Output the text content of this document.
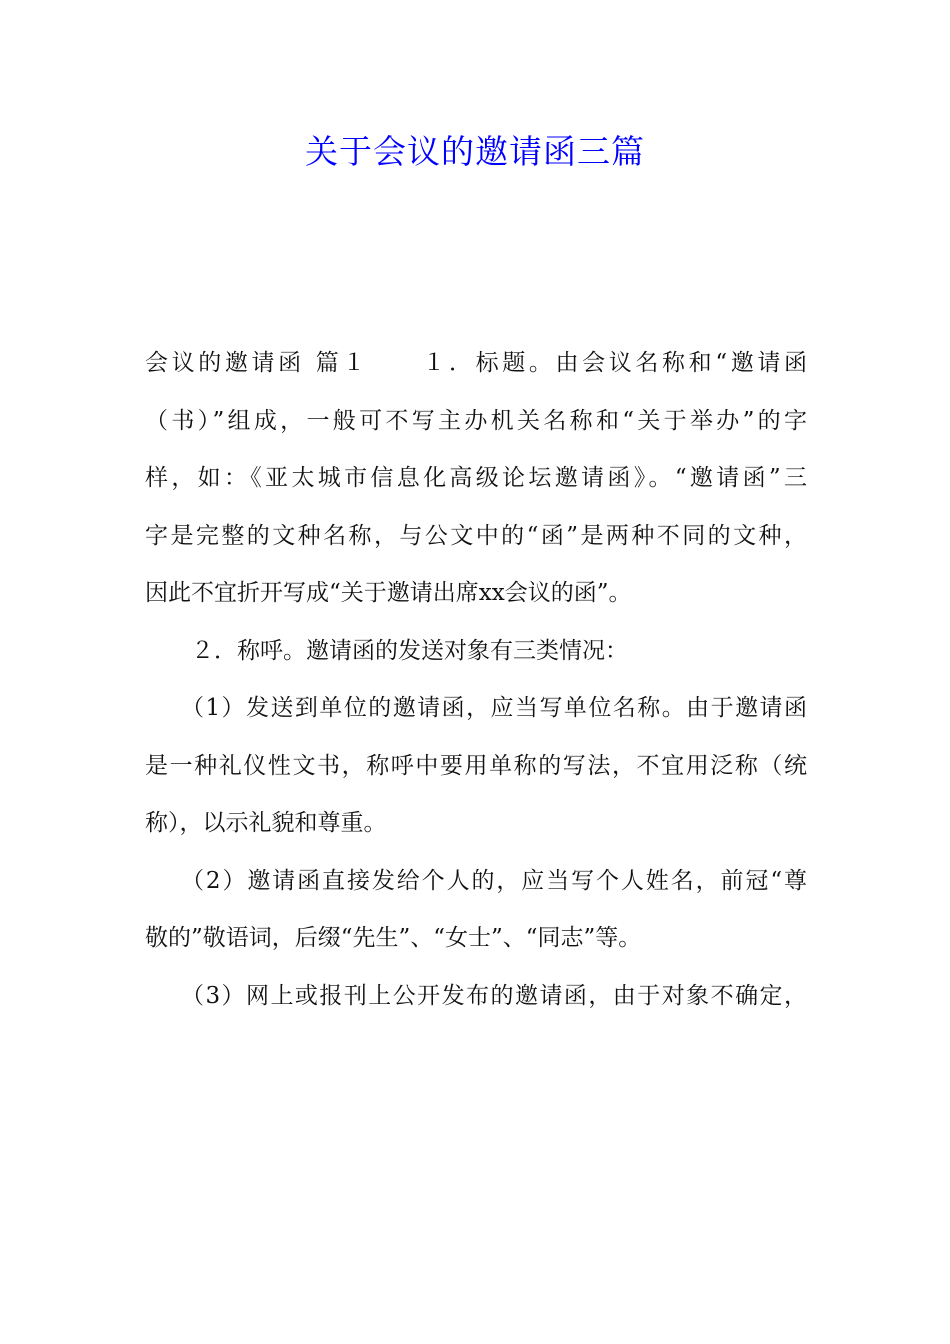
关于会议的邀请函三篇
会议的邀请函 篇１　　１．标题。由会议名称和“邀请函
（书）”组成，一般可不写主办机关名称和“关于举办”的字
样，如：《亚太城市信息化高级论坛邀请函》。“邀请函”三
字是完整的文种名称，与公文中的“函”是两种不同的文种，
因此不宜折开写成“关于邀请出席xx会议的函”。
２．称呼。邀请函的发送对象有三类情况：
（1）发送到单位的邀请函，应当写单位名称。由于邀请函
是一种礼仪性文书，称呼中要用单称的写法，不宜用泛称（统
称），以示礼貌和尊重。
（2）邀请函直接发给个人的，应当写个人姓名，前冠“尊
敬的”敬语词，后缀“先生”、“女士”、“同志”等。
（3）网上或报刊上公开发布的邀请函，由于对象不确定，
